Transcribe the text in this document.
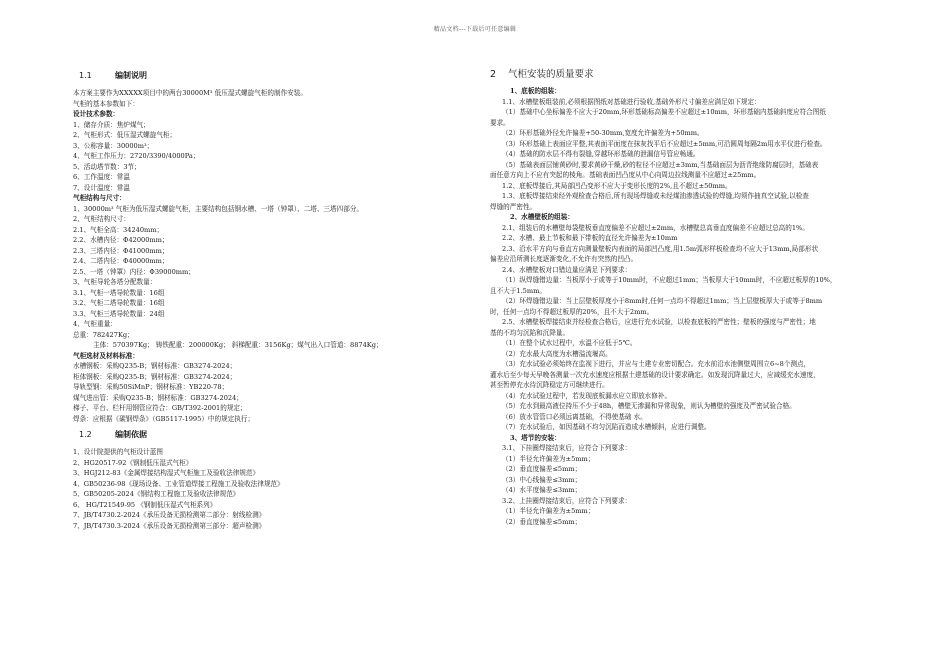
精品文档---下载后可任意编辑
1.1	编制说明
本方案主要作为XXXXX项目中的两台30000M³ 低压湿式螺旋气柜的制作安装。
气柜的基本参数如下：
设计技术参数：
1、储存介质：焦炉煤气；
2、气柜形式：低压湿式螺旋气柜；
3、公称容量：30000m³；
4、气柜工作压力：2720/3390/4000Pa；
5、活动塔节数：3节；
6、工作温度：常温
7、设计温度：常温
气柜结构与尺寸：
1、30000m³ 气柜为低压湿式螺旋气柜，主要结构包括钢水槽、一塔（钟罩）、二塔、三塔四部分。
2、气柜结构尺寸：
2.1、气柜全高：34240mm；
2.2、水槽内径：Φ42000mm；
2.3、三塔内径：Φ41000mm；
2.4、二塔内径：Φ40000mm；
2.5、一塔（钟罩）内径：Φ39000mm；
3、气柜导轮各塔分配数量：
3.1、气柜一塔导轮数量：16组
3.2、气柜二塔导轮数量：16组
3.3、气柜三塔导轮数量：24组
4、气柜重量：
总重：782427Kg；
主体：570397Kg； 铸铁配重：200000Kg； 斜梯配重：3156Kg；煤气出入口管道：8874Kg；
气柜选材及材料标准：
水槽钢板：采购Q235-B；钢材标准：GB3274-2024；
柜体钢板：采购Q235-B；钢材标准：GB3274-2024；
导轨型钢：采购50SiMnP；钢材标准：YB220-78；
煤气进出管：采购Q235-B；钢材标准：GB3274-2024；
梯子、平台、栏杆用钢管应符合：GB/T392-2001的规定；
焊条：应根据《碳钢焊条》（GB5117-1995）中的规定执行；
1.2	编制依据
1、设计院提供的气柜设计蓝图
2、HG20517-92《钢制低压湿式气柜》
3、HGJ212-83《金属焊接结构湿式气柜施工及验收法律规范》
4、GB50236-98《现场设备、工业管道焊接工程施工及验收法律规范》
5、GB50205-2024《钢结构工程施工及验收法律规范》
6、 HG/T21549-95 《钢制低压湿式气柜系列》
7、JB/T4730.2-2024《承压设备无损检测第二部分：射线检测》
7、JB/T4730.3-2024《承压设备无损检测第三部分：超声检测》
2 气柜安装的质量要求
1、底板的组装：
1.1、水槽壁板组装前,必须根据图纸对基础进行验收,基础外形尺寸偏差应满足如下规定：
（1）基础中心坐标偏差不应大于20mm,环形基础标高偏差不应超过±10mm，环形基础内基础斜度应符合图纸
要求。
（2）环形基础外径允许偏差+50-30mm,宽度允许偏差为+50mm。
（3）环形基础上表面应平整,其表面平面度在抹灰找平后不应超过±5mm,可沿圆周每隔2m用水平仪进行检查。
（4）基础的防水层不得有裂缝,穿越环形基础的泄漏信号管应畅通。
（5）基础表面层铺黄砂时,要求黄砂干燥,砂的粒径不应超过±3mm,当基础面层为沥青绝缘防腐层时，基础表
面任意方向上不应有突起的棱角。基础表面凹凸度从中心向周边拉线测量不应超过±25mm。
1.2、底板焊接后,其局部凹凸变形不应大于变形长度的2%,且不超过±50mm。
1.3、底板焊接结束经外观检查合格后,所有现场焊缝或未经煤油渗透试验的焊缝,均须作抽真空试验,以检查
焊缝的严密性。
2、水槽壁板的组装：
2.1、组装后的水槽壁每袋壁板垂直度偏差不应超过±2mm，水槽壁总高垂直度偏差不应超过总高的1%。
2.2、水槽、最上节板和最下带板的直径允许偏差为±10mm
2.3、沿水平方向与垂直方向测量壁板内表面的局部凹凸度,用1.5m弧形样板检查均不应大于13mm,局部形状
偏差应沿所测长度逐渐变化,不允许有突然的凹凸。
2.4、水槽壁板对口错边量应满足下列要求：
（1）纵焊缝错边量：当板厚小于或等于10mm时，不应超过1mm；当板厚大于10mm时，不应超过板厚的10%，
且不大于1.5mm。
（2）环焊缝错边量：当上层壁板厚度小于8mm时,任何一点均不得超过1mm；当上层壁板厚大于或等于8mm
时，任何一点均不得超过板厚的20%，且不大于2mm。
2.5、水槽壁板焊接结束并经检查合格后，应进行充水试验，以检查底板的严密性；壁板的强度与严密性；地
基的不均匀沉陷和沉降量。
（1）在整个试水过程中，水温不应低于5℃。
（2）充水最大高度为水槽溢流堰高。
（3）充水试验必须始终在监视下进行，并应与土建专业密切配合。充水前沿水池侧壁周围立6~8个测点，
灌水后至少每天早晚各测量一次充水速度应根据土建基础的设计要求确定。如发现沉降量过大，应减缓充水速度，
甚至暂停充水待沉降稳定方可继续进行。
（4）充水试验过程中，若发现底板漏水应立即放水修补。
（5）充水到最高液位持压不少于48h，槽壁无渗漏和异常现象，则认为槽壁的强度及严密试验合格。
（6）放水管管口必须远离基础，不得使基础 水。
（7）充水试验后，如因基础不均匀沉陷而造成水槽倾斜，应进行调整。
3、塔节的安装：
3.1、下挂圈焊接结束后，应符合下列要求：
（1）半径允许偏差为±5mm；
（2）垂直度偏差≤5mm；
（3）中心线偏差≤3mm；
（4）水平度偏差≤3mm；
3.2、上挂圈焊接结束后，应符合下列要求：
（1）半径允许偏差为±5mm；
（2）垂直度偏差≤5mm；
